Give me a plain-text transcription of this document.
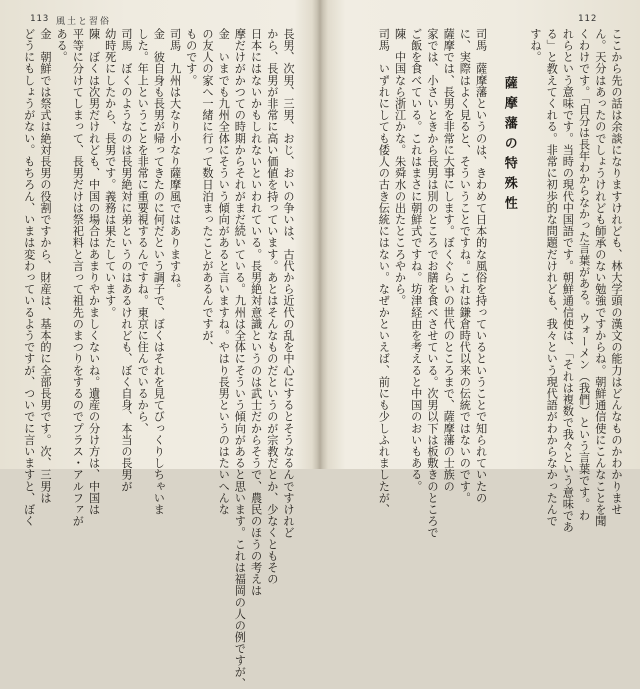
113 風土と習俗
長男、次男、三男、おじ、おいの争いは、古代から近代の乱を中心にするとそうなるんですけれど
から、長男が非常に高い価値を持っています。あとはそんなものだというのが宗教だとか、少なくともその
日本にはないかもしれないといわれている。長男絶対意識というのは武士だからそうで、農民のほうの考えは
摩だけがかつての時期からそれがまだ続いている。九州は全体にそういう傾向があると思います。これは福岡の人の例ですが、
金　いまでも九州全体にそういう傾向があると言いますね。やはり長男というのはたいへんな
の友人の家へ一緒に行って数日泊まったことがあるんですが、
ものです。
司馬　九州は大なり小なり薩摩風ではありますね。
金　彼自身も長男が帰ってきたのに何だという調子で、ぼくはそれを見てびっくりしちゃいま
した。年上ということを非常に重要視するんですね。東京に住んでいるから、
司馬　ぼくのようなのは長男絶対に弟というのはあるけれども、ぼく自身、本当の長男が
幼時死にしたから、長男です。義務は果たしています。
陳　ぼくは次男だけれども、中国の場合はあまりやかましくないね。遺産の分け方は、中国は
平等に分けてしまって、長男だけは祭祀料と言って祖先のまつりをするのでプラス・アルファが
ある。
金　朝鮮では祭式は絶対長男の役割ですから、財産は、基本的に全部長男です。次、三男は
どうにもしょうがない。もちろん、いまは変わっているようですが、ついでに言いますと、ぼく
112
ここから先の話は余談になりますけれども、林大学頭の漢文の能力はどんなものかわかりませ
ん。天分はあったのでしょうけれども師承のない勉強ですからね。朝鮮通信使にこんなことを聞
くわけです。「自分は長年わからなかった言葉がある。ウォーメン（我們）という言葉です。わ
れらという意味です。当時の現代中国語です。朝鮮通信使は、「それは複数で我々という意味であ
る」と教えてくれる。非常に初歩的な問題だけれども、我々という現代語がわからなかったんで
すね。
薩摩藩の特殊性
司馬　薩摩藩というのは、きわめて日本的な風俗を持っているということで知られていたの
に、実際はよく見ると、そういうことですね。これは鎌倉時代以来の伝統ではないのです。
薩摩では、長男を非常に大事にします。ぼくぐらいの世代のところまで、薩摩藩の士族の
家では、小さいときから長男は別のところでお膳を食べさせている。次男以下は板敷きのところで
ご飯を食べている。これはまさに朝鮮式ですね。坊津経由を考えると中国のおいもある。
陳　中国なら浙江かな。朱舜水の出たところやから。
司馬　いずれにしても倭人の古き伝統にはない。なぜかといえば、前にも少しふれましたが、
